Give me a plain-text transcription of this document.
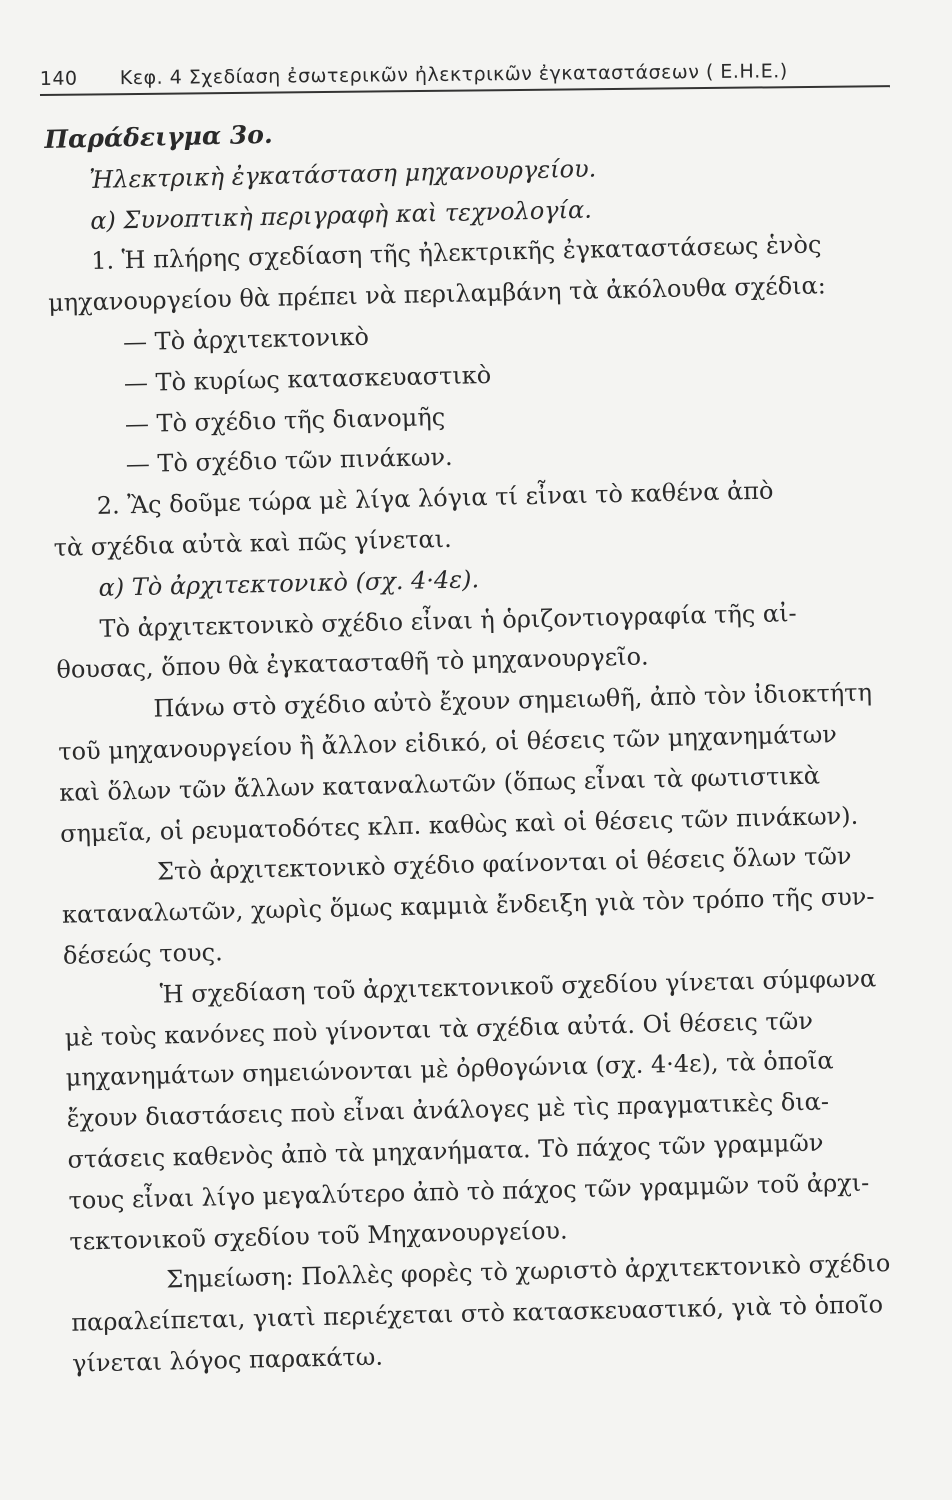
140 Κεφ. 4 Σχεδίαση ἐσωτερικῶν ἠλεκτρικῶν ἐγκαταστάσεων ( Ε.Η.Ε.)
Παράδειγμα 3ο.
Ἠλεκτρικὴ ἐγκατάσταση μηχανουργείου.
α) Συνοπτικὴ περιγραφὴ καὶ τεχνολογία.
1. Ἡ πλήρης σχεδίαση τῆς ἠλεκτρικῆς ἐγκαταστάσεως ἑνὸς
μηχανουργείου θὰ πρέπει νὰ περιλαμβάνη τὰ ἀκόλουθα σχέδια:
— Τὸ ἀρχιτεκτονικὸ
— Τὸ κυρίως κατασκευαστικὸ
— Τὸ σχέδιο τῆς διανομῆς
— Τὸ σχέδιο τῶν πινάκων.
2. Ἂς δοῦμε τώρα μὲ λίγα λόγια τί εἶναι τὸ καθένα ἀπὸ
τὰ σχέδια αὐτὰ καὶ πῶς γίνεται.
α) Τὸ ἀρχιτεκτονικὸ (σχ. 4·4ε).
Τὸ ἀρχιτεκτονικὸ σχέδιο εἶναι ἡ ὁριζοντιογραφία τῆς αἰ-
θουσας, ὅπου θὰ ἐγκατασταθῆ τὸ μηχανουργεῖο.
Πάνω στὸ σχέδιο αὐτὸ ἔχουν σημειωθῆ, ἀπὸ τὸν ἰδιοκτήτη
τοῦ μηχανουργείου ἢ ἄλλον εἰδικό, οἱ θέσεις τῶν μηχανημάτων
καὶ ὅλων τῶν ἄλλων καταναλωτῶν (ὅπως εἶναι τὰ φωτιστικὰ
σημεῖα, οἱ ρευματοδότες κλπ. καθὼς καὶ οἱ θέσεις τῶν πινάκων).
Στὸ ἀρχιτεκτονικὸ σχέδιο φαίνονται οἱ θέσεις ὅλων τῶν
καταναλωτῶν, χωρὶς ὅμως καμμιὰ ἔνδειξη γιὰ τὸν τρόπο τῆς συν-
δέσεώς τους.
Ἡ σχεδίαση τοῦ ἀρχιτεκτονικοῦ σχεδίου γίνεται σύμφωνα
μὲ τοὺς κανόνες ποὺ γίνονται τὰ σχέδια αὐτά. Οἱ θέσεις τῶν
μηχανημάτων σημειώνονται μὲ ὀρθογώνια (σχ. 4·4ε), τὰ ὁποῖα
ἔχουν διαστάσεις ποὺ εἶναι ἀνάλογες μὲ τὶς πραγματικὲς δια-
στάσεις καθενὸς ἀπὸ τὰ μηχανήματα. Τὸ πάχος τῶν γραμμῶν
τους εἶναι λίγο μεγαλύτερο ἀπὸ τὸ πάχος τῶν γραμμῶν τοῦ ἀρχι-
τεκτονικοῦ σχεδίου τοῦ Μηχανουργείου.
Σημείωση: Πολλὲς φορὲς τὸ χωριστὸ ἀρχιτεκτονικὸ σχέδιο
παραλείπεται, γιατὶ περιέχεται στὸ κατασκευαστικό, γιὰ τὸ ὁποῖο
γίνεται λόγος παρακάτω.
